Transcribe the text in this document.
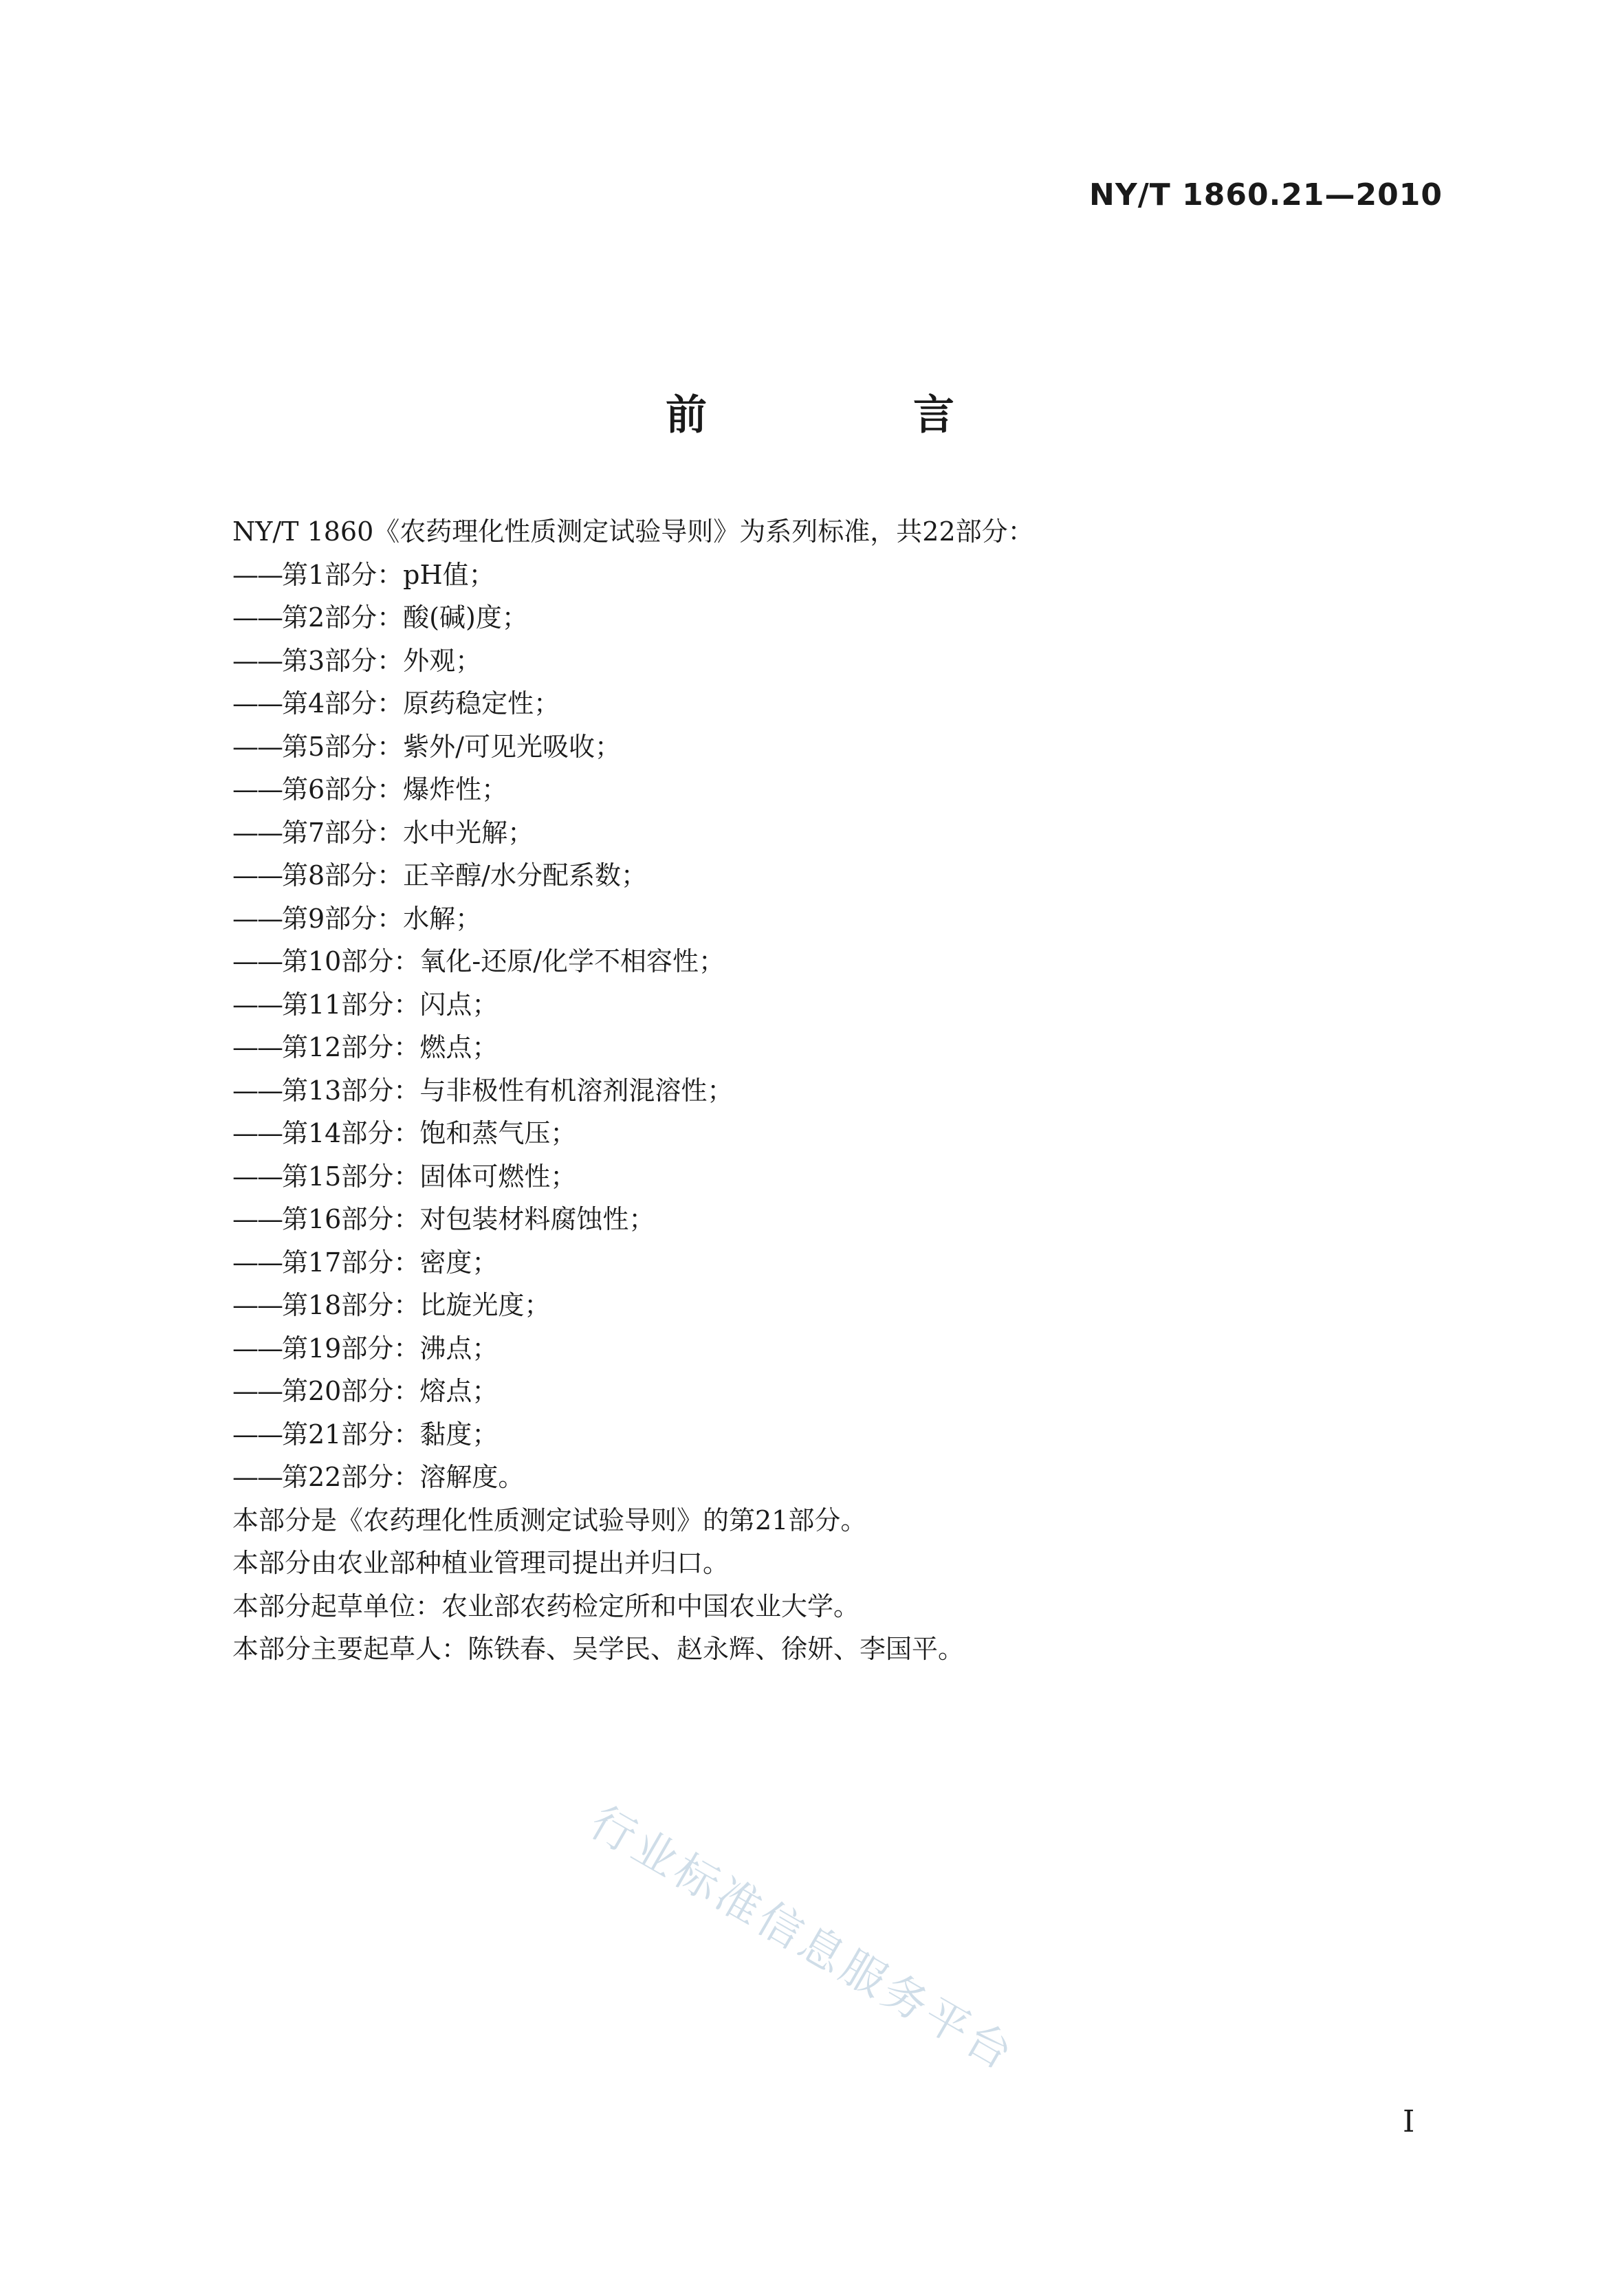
NY/T 1860.21—2010
前　言
NY/T 1860《农药理化性质测定试验导则》为系列标准，共22部分：
——第1部分：pH值；
——第2部分：酸(碱)度；
——第3部分：外观；
——第4部分：原药稳定性；
——第5部分：紫外/可见光吸收；
——第6部分：爆炸性；
——第7部分：水中光解；
——第8部分：正辛醇/水分配系数；
——第9部分：水解；
——第10部分：氧化-还原/化学不相容性；
——第11部分：闪点；
——第12部分：燃点；
——第13部分：与非极性有机溶剂混溶性；
——第14部分：饱和蒸气压；
——第15部分：固体可燃性；
——第16部分：对包装材料腐蚀性；
——第17部分：密度；
——第18部分：比旋光度；
——第19部分：沸点；
——第20部分：熔点；
——第21部分：黏度；
——第22部分：溶解度。
本部分是《农药理化性质测定试验导则》的第21部分。
本部分由农业部种植业管理司提出并归口。
本部分起草单位：农业部农药检定所和中国农业大学。
本部分主要起草人：陈铁春、吴学民、赵永辉、徐妍、李国平。
行业标准信息服务平台
I
